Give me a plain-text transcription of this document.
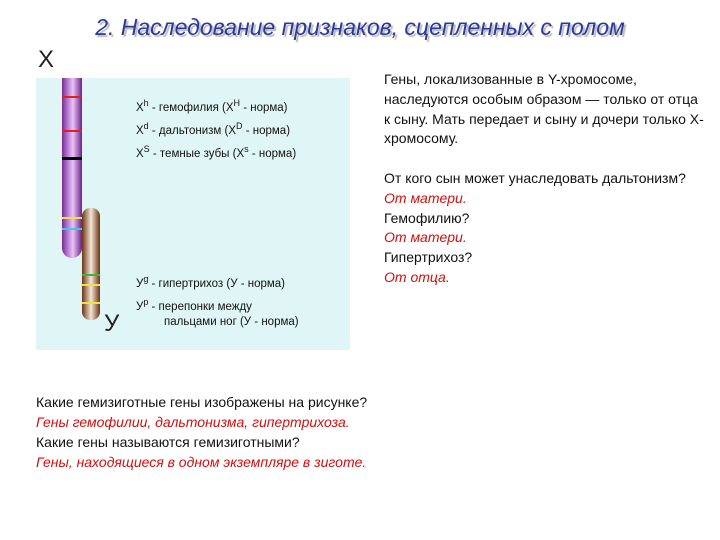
2. Наследование признаков, сцепленных с полом
Х
У
$X^h$ - гемофилия ($X^H$ - норма)
$X^d$ - дальтонизм ($X^D$ - норма)
$X^S$ - темные зубы ($X^s$ - норма)
$У^g$ - гипертрихоз (У - норма)
$У^p$ - перепонки между
пальцами ног (У - норма)

Гены, локализованные в Y-хромосоме, наследуются особым образом — только от отца к сыну. Мать передает и сыну и дочери только Х-хромосому.

От кого сын может унаследовать дальтонизм?

От матери.

Гемофилию?

От матери.

Гипертрихоз?

От отца.

Какие гемизиготные гены изображены на рисунке?

Гены гемофилии, дальтонизма, гипертрихоза.

Какие гены называются гемизиготными?

Гены, находящиеся в одном экземпляре в зиготе.
